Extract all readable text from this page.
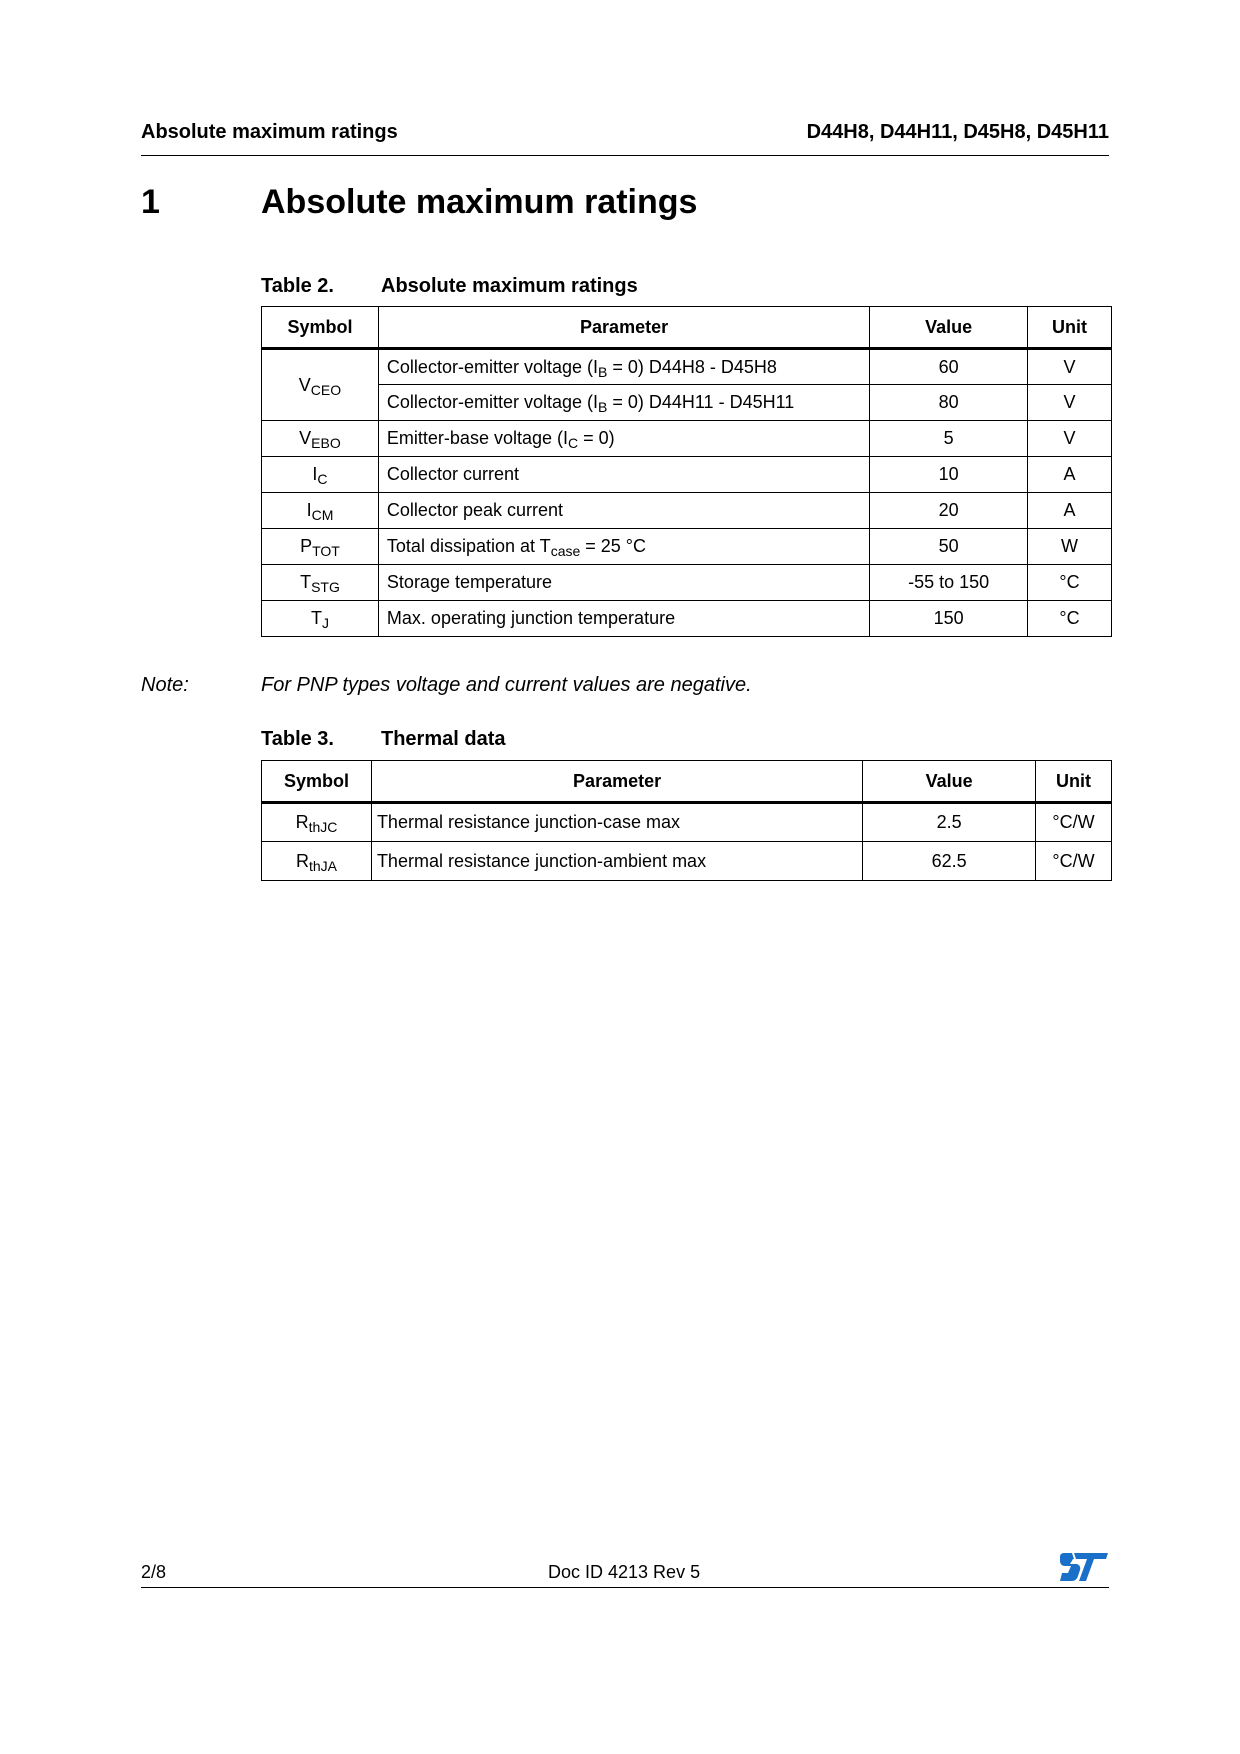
Absolute maximum ratings	D44H8, D44H11, D45H8, D45H11
1	Absolute maximum ratings
Table 2. Absolute maximum ratings
Symbol	Parameter	Value	Unit
$V_{CEO}$	Collector-emitter voltage $(I_B = 0)$ D44H8 - D45H8	60	V
	Collector-emitter voltage $(I_B = 0)$ D44H11 - D45H11	80	V
$V_{EBO}$	Emitter-base voltage $(I_C = 0)$	5	V
$I_C$	Collector current	10	A
$I_{CM}$	Collector peak current	20	A
$P_{TOT}$	Total dissipation at $T_{case} = 25$ °C	50	W
$T_{STG}$	Storage temperature	-55 to 150	°C
$T_J$	Max. operating junction temperature	150	°C
Note:	For PNP types voltage and current values are negative.
Table 3. Thermal data
Symbol	Parameter	Value	Unit
$R_{thJC}$	Thermal resistance junction-case max	2.5	°C/W
$R_{thJA}$	Thermal resistance junction-ambient max	62.5	°C/W
2/8	Doc ID 4213 Rev 5
